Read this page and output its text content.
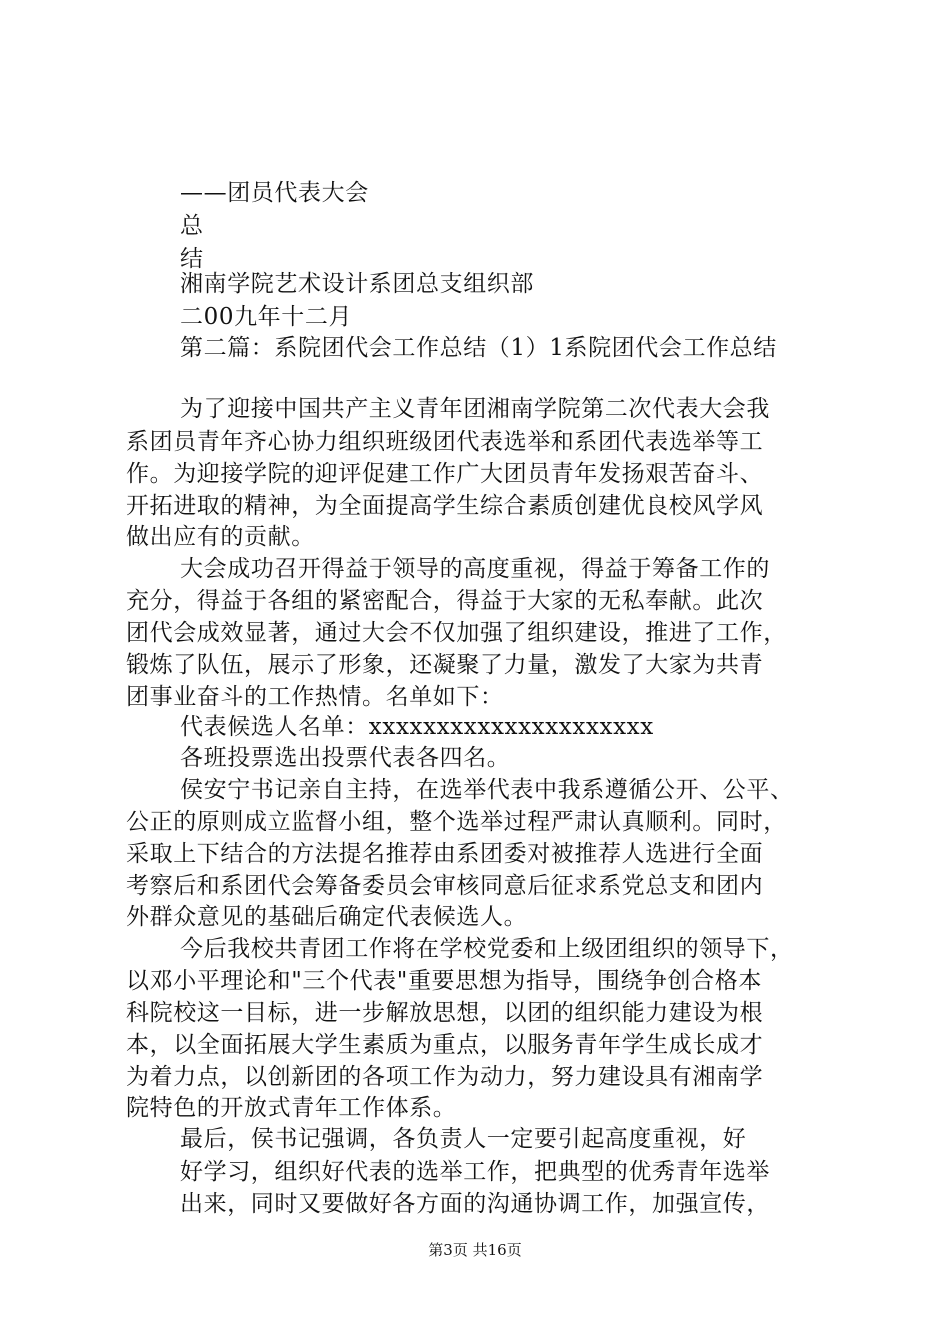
——团员代表大会
总
结
湘南学院艺术设计系团总支组织部
二00九年十二月
第二篇：系院团代会工作总结（1）1系院团代会工作总结
为了迎接中国共产主义青年团湘南学院第二次代表大会我
系团员青年齐心协力组织班级团代表选举和系团代表选举等工
作。为迎接学院的迎评促建工作广大团员青年发扬艰苦奋斗、
开拓进取的精神，为全面提高学生综合素质创建优良校风学风
做出应有的贡献。
大会成功召开得益于领导的高度重视，得益于筹备工作的
充分，得益于各组的紧密配合，得益于大家的无私奉献。此次
团代会成效显著，通过大会不仅加强了组织建设，推进了工作，
锻炼了队伍，展示了形象，还凝聚了力量，激发了大家为共青
团事业奋斗的工作热情。名单如下：
代表候选人名单：xxxxxxxxxxxxxxxxxxxxx
各班投票选出投票代表各四名。
侯安宁书记亲自主持，在选举代表中我系遵循公开、公平、
公正的原则成立监督小组，整个选举过程严肃认真顺利。同时，
采取上下结合的方法提名推荐由系团委对被推荐人选进行全面
考察后和系团代会筹备委员会审核同意后征求系党总支和团内
外群众意见的基础后确定代表候选人。
今后我校共青团工作将在学校党委和上级团组织的领导下，
以邓小平理论和"三个代表"重要思想为指导，围绕争创合格本
科院校这一目标，进一步解放思想，以团的组织能力建设为根
本，以全面拓展大学生素质为重点，以服务青年学生成长成才
为着力点，以创新团的各项工作为动力，努力建设具有湘南学
院特色的开放式青年工作体系。
最后，侯书记强调，各负责人一定要引起高度重视，好
好学习，组织好代表的选举工作，把典型的优秀青年选举
出来，同时又要做好各方面的沟通协调工作，加强宣传，
第3页 共16页
